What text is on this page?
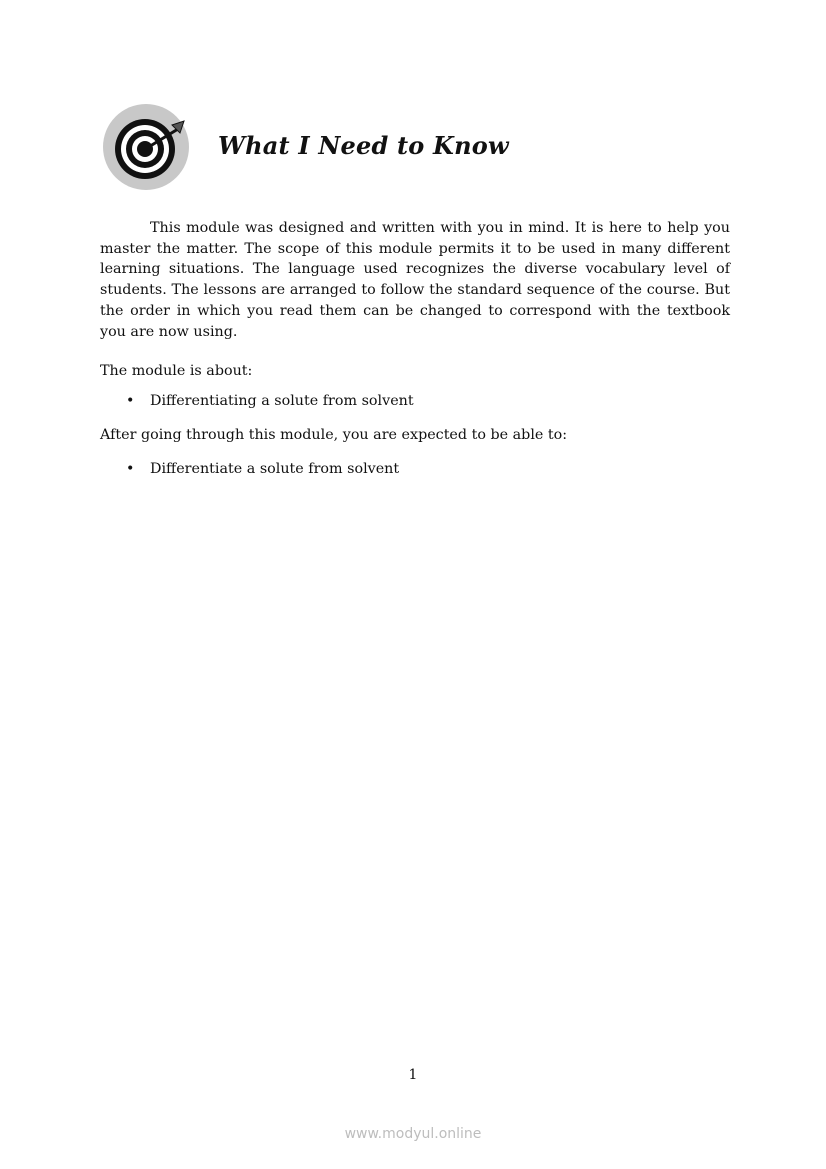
What I Need to Know

This module was designed and written with you in mind. It is here to help you master the matter. The scope of this module permits it to be used in many different learning situations. The language used recognizes the diverse vocabulary level of students. The lessons are arranged to follow the standard sequence of the course. But the order in which you read them can be changed to correspond with the textbook you are now using.

The module is about:

• Differentiating a solute from solvent

After going through this module, you are expected to be able to:

• Differentiate a solute from solvent
1
www.modyul.online
